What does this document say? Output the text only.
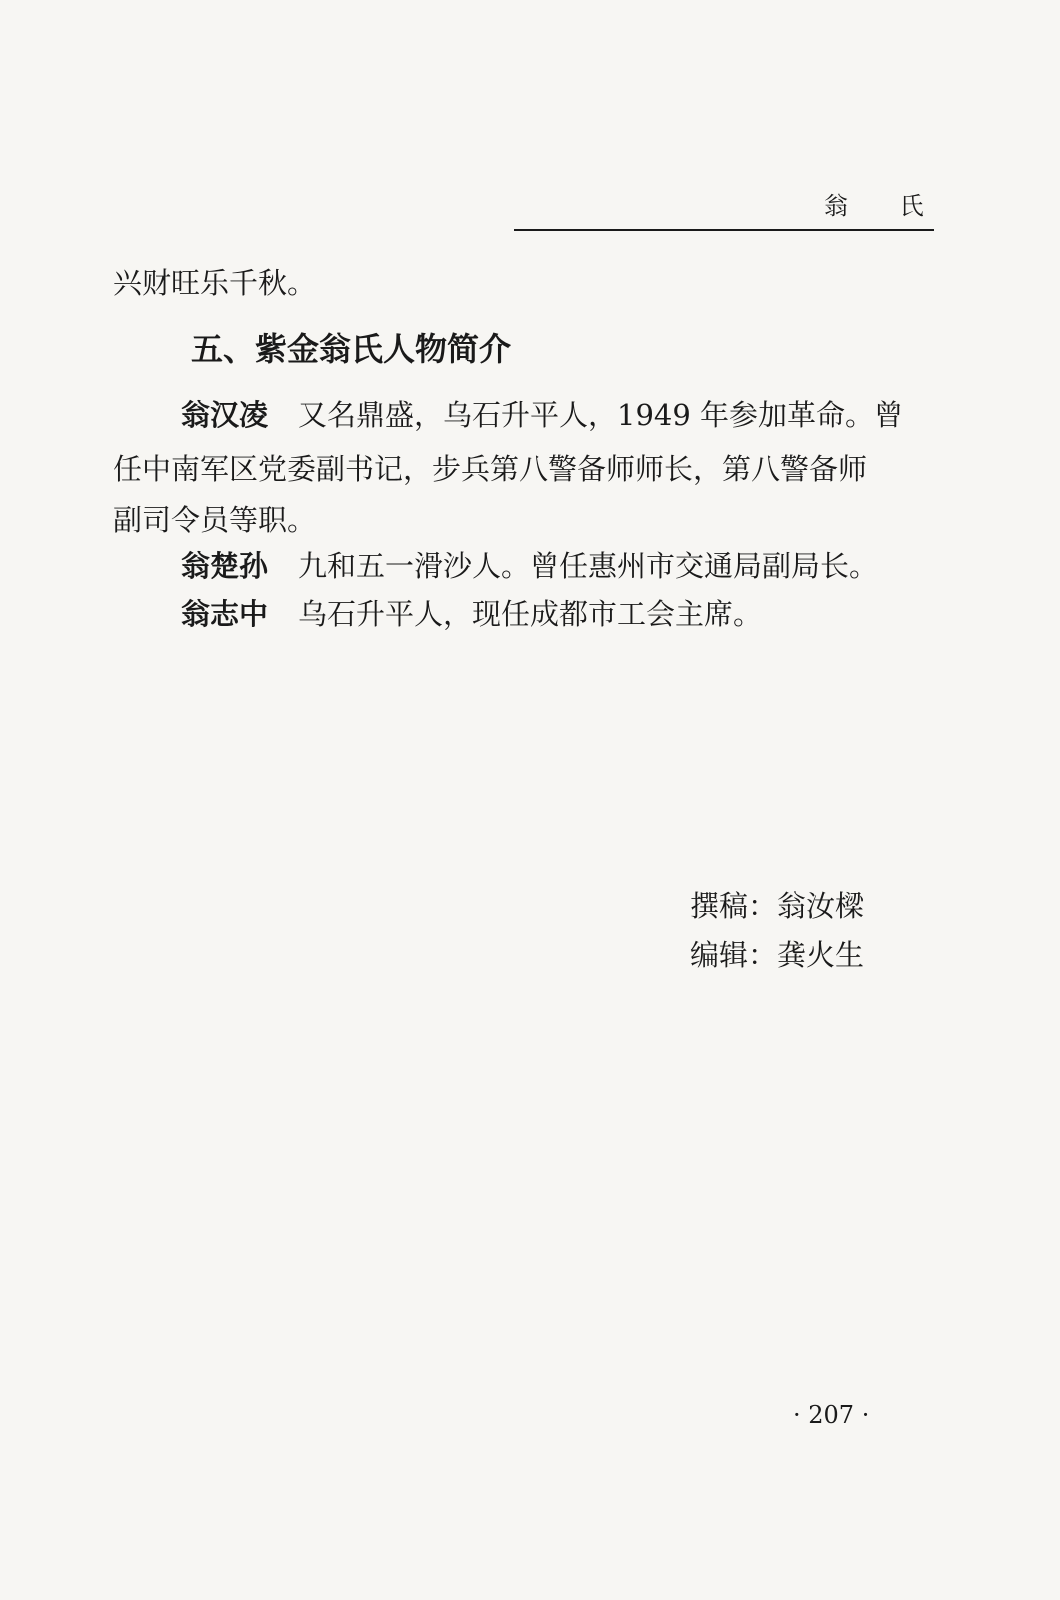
翁 氏
兴财旺乐千秋。
五、紫金翁氏人物简介
翁汉凌 又名鼎盛，乌石升平人，1949 年参加革命。曾
任中南军区党委副书记，步兵第八警备师师长，第八警备师
副司令员等职。
翁楚孙 九和五一滑沙人。曾任惠州市交通局副局长。
翁志中 乌石升平人，现任成都市工会主席。
撰稿：翁汝樑
编辑：龚火生
· 207 ·
